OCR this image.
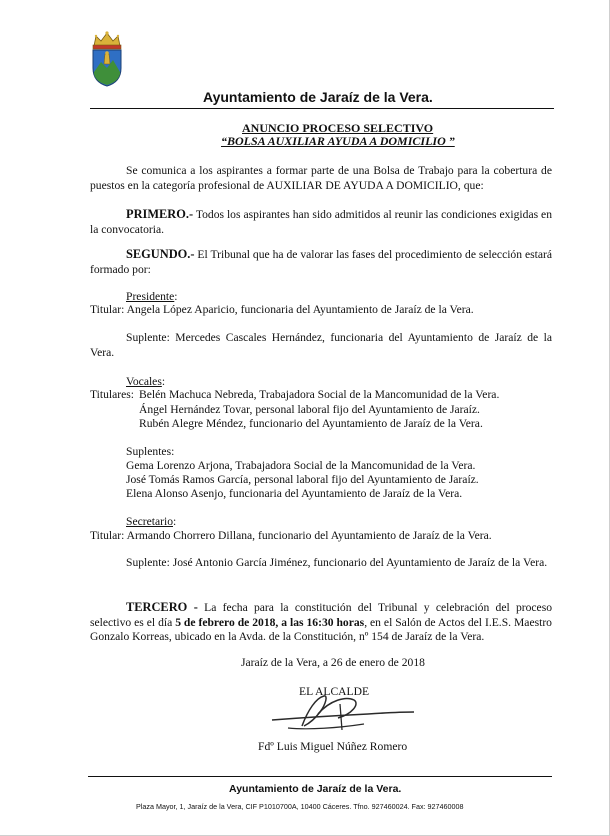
Ayuntamiento de Jaraíz de la Vera.
ANUNCIO PROCESO SELECTIVO
“BOLSA AUXILIAR AYUDA A DOMICILIO ”
Se comunica a los aspirantes a formar parte de una Bolsa de Trabajo para la cobertura de puestos en la categoría profesional de AUXILIAR DE AYUDA A DOMICILIO, que:
PRIMERO.- Todos los aspirantes han sido admitidos al reunir las condiciones exigidas en la convocatoria.
SEGUNDO.- El Tribunal que ha de valorar las fases del procedimiento de selección estará formado por:
Presidente:
Titular: Angela López Aparicio, funcionaria del Ayuntamiento de Jaraíz de la Vera.
Suplente: Mercedes Cascales Hernández, funcionaria del Ayuntamiento de Jaraíz de la Vera.
Vocales:
Titulares: Belén Machuca Nebreda, Trabajadora Social de la Mancomunidad de la Vera.
Ángel Hernández Tovar, personal laboral fijo del Ayuntamiento de Jaraíz.
Rubén Alegre Méndez, funcionario del Ayuntamiento de Jaraíz de la Vera.
Suplentes:
Gema Lorenzo Arjona, Trabajadora Social de la Mancomunidad de la Vera.
José Tomás Ramos García, personal laboral fijo del Ayuntamiento de Jaraíz.
Elena Alonso Asenjo, funcionaria del Ayuntamiento de Jaraíz de la Vera.
Secretario:
Titular: Armando Chorrero Dillana, funcionario del Ayuntamiento de Jaraíz de la Vera.
Suplente: José Antonio García Jiménez, funcionario del Ayuntamiento de Jaraíz de la Vera.
TERCERO - La fecha para la constitución del Tribunal y celebración del proceso selectivo es el día 5 de febrero de 2018, a las 16:30 horas, en el Salón de Actos del I.E.S. Maestro Gonzalo Korreas, ubicado en la Avda. de la Constitución, nº 154 de Jaraíz de la Vera.
Jaraíz de la Vera, a 26 de enero de 2018
EL ALCALDE
Fdº Luis Miguel Núñez Romero
Ayuntamiento de Jaraíz de la Vera.
Plaza Mayor, 1, Jaraíz de la Vera, CIF P1010700A, 10400 Cáceres. Tfno. 927460024. Fax: 927460008
